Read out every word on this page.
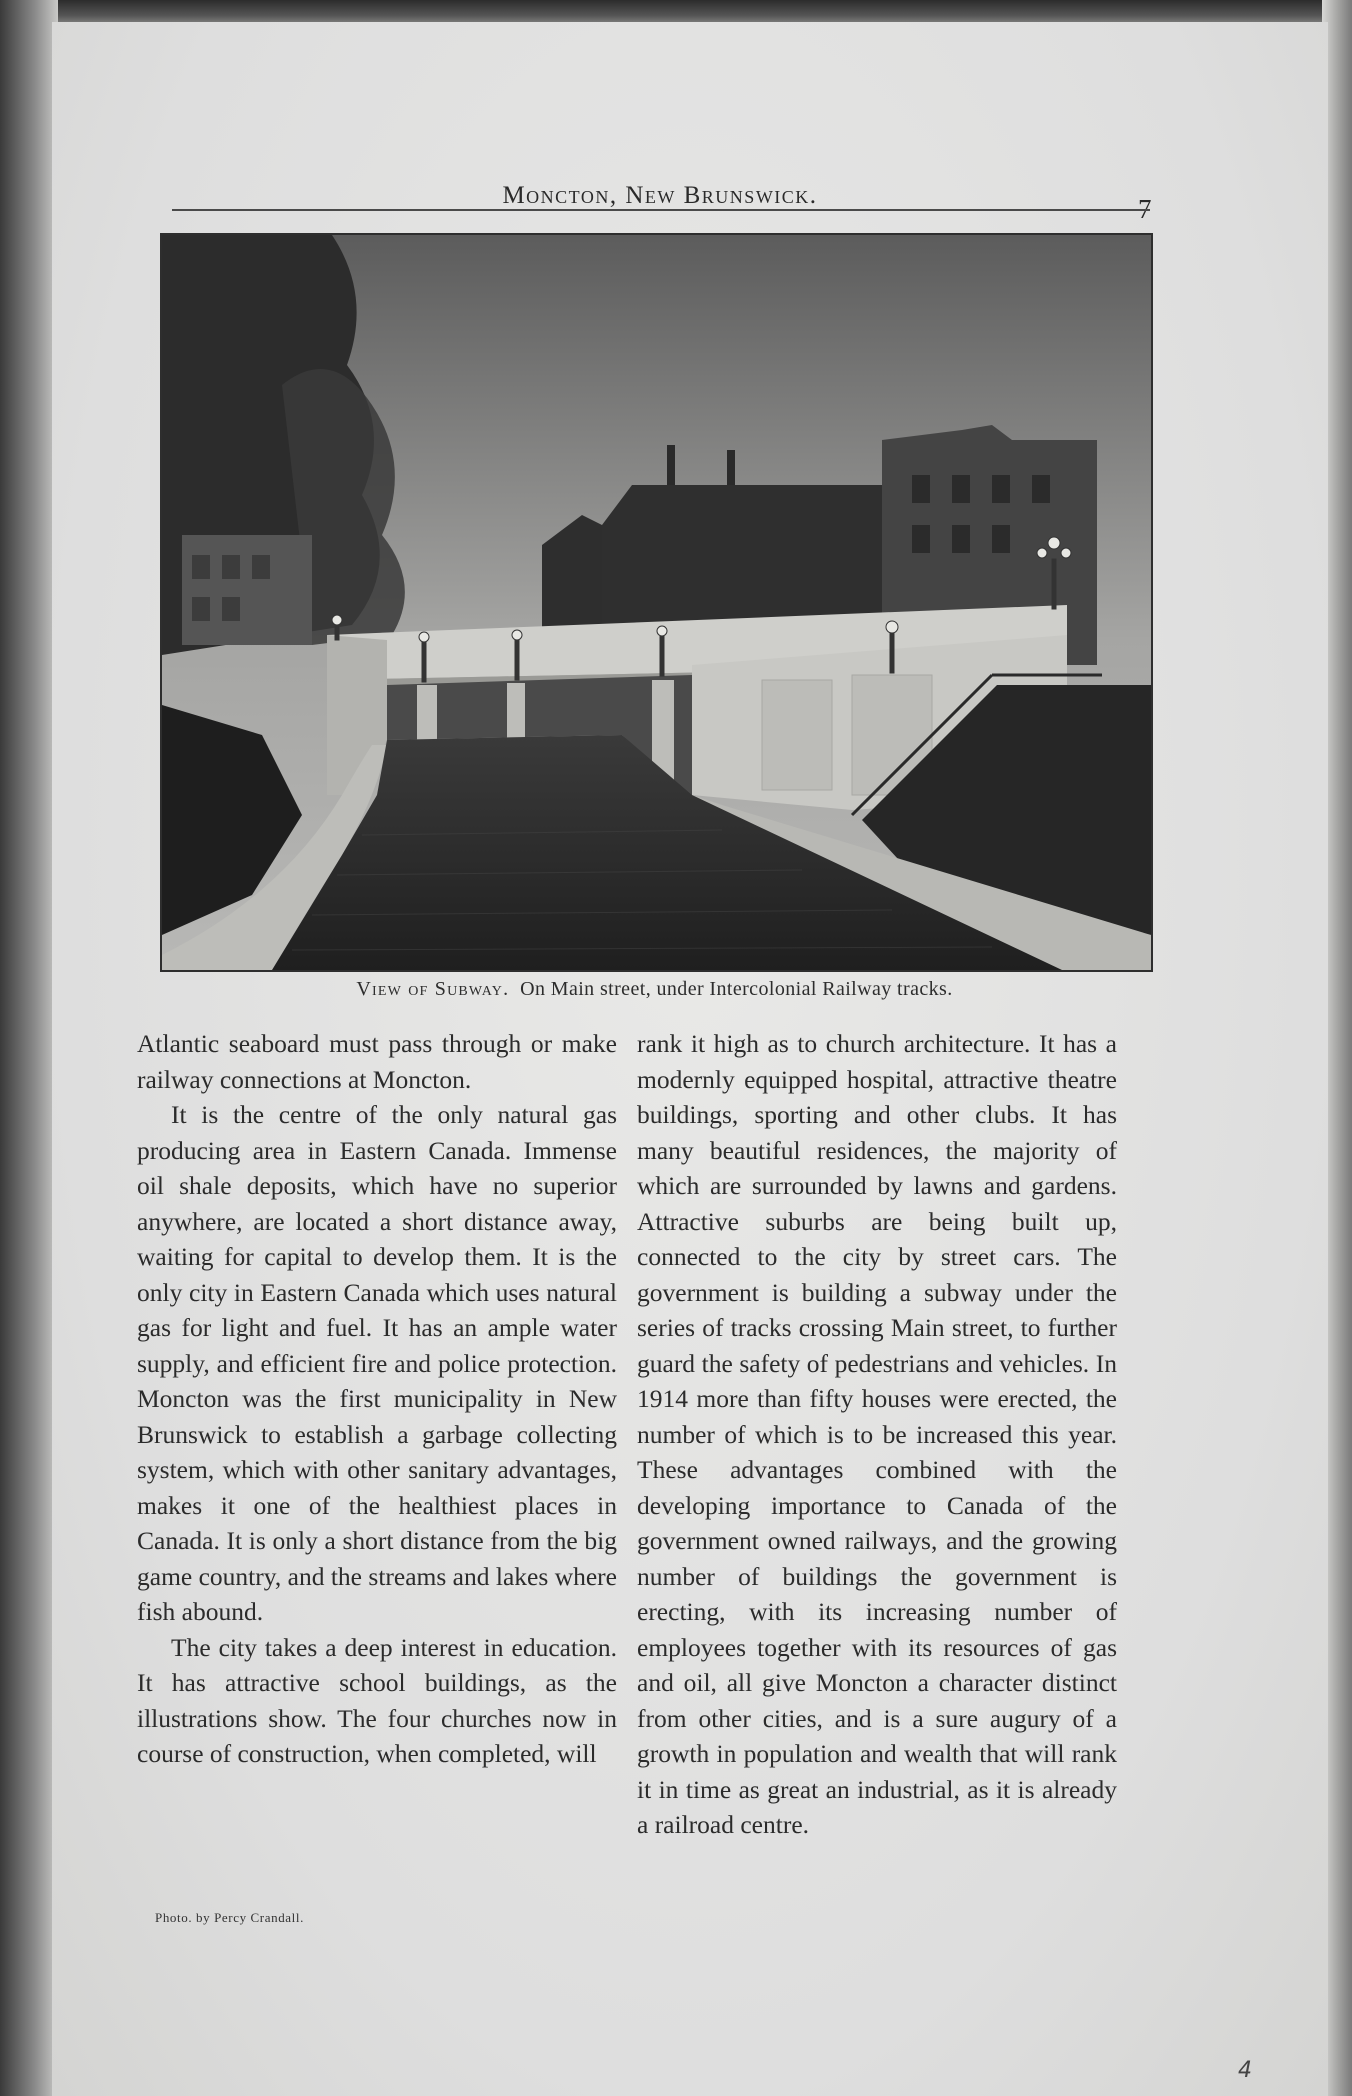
Moncton, New Brunswick.	7
View of Subway. On Main street, under Intercolonial Railway tracks.

Atlantic seaboard must pass through or make railway connections at Moncton.

It is the centre of the only natural gas producing area in Eastern Canada. Immense oil shale deposits, which have no superior anywhere, are located a short distance away, waiting for capital to develop them. It is the only city in Eastern Canada which uses natural gas for light and fuel. It has an ample water supply, and efficient fire and police protection. Moncton was the first municipality in New Brunswick to establish a garbage collecting system, which with other sanitary advantages, makes it one of the healthiest places in Canada. It is only a short distance from the big game country, and the streams and lakes where fish abound.

The city takes a deep interest in education. It has attractive school buildings, as the illustrations show. The four churches now in course of construction, when completed, will

rank it high as to church architecture. It has a modernly equipped hospital, attractive theatre buildings, sporting and other clubs. It has many beautiful residences, the majority of which are surrounded by lawns and gardens. Attractive suburbs are being built up, connected to the city by street cars. The government is building a subway under the series of tracks crossing Main street, to further guard the safety of pedestrians and vehicles. In 1914 more than fifty houses were erected, the number of which is to be increased this year. These advantages combined with the developing importance to Canada of the government owned railways, and the growing number of buildings the government is erecting, with its increasing number of employees together with its resources of gas and oil, all give Moncton a character distinct from other cities, and is a sure augury of a growth in population and wealth that will rank it in time as great an industrial, as it is already a railroad centre.

Photo. by Percy Crandall.
4
